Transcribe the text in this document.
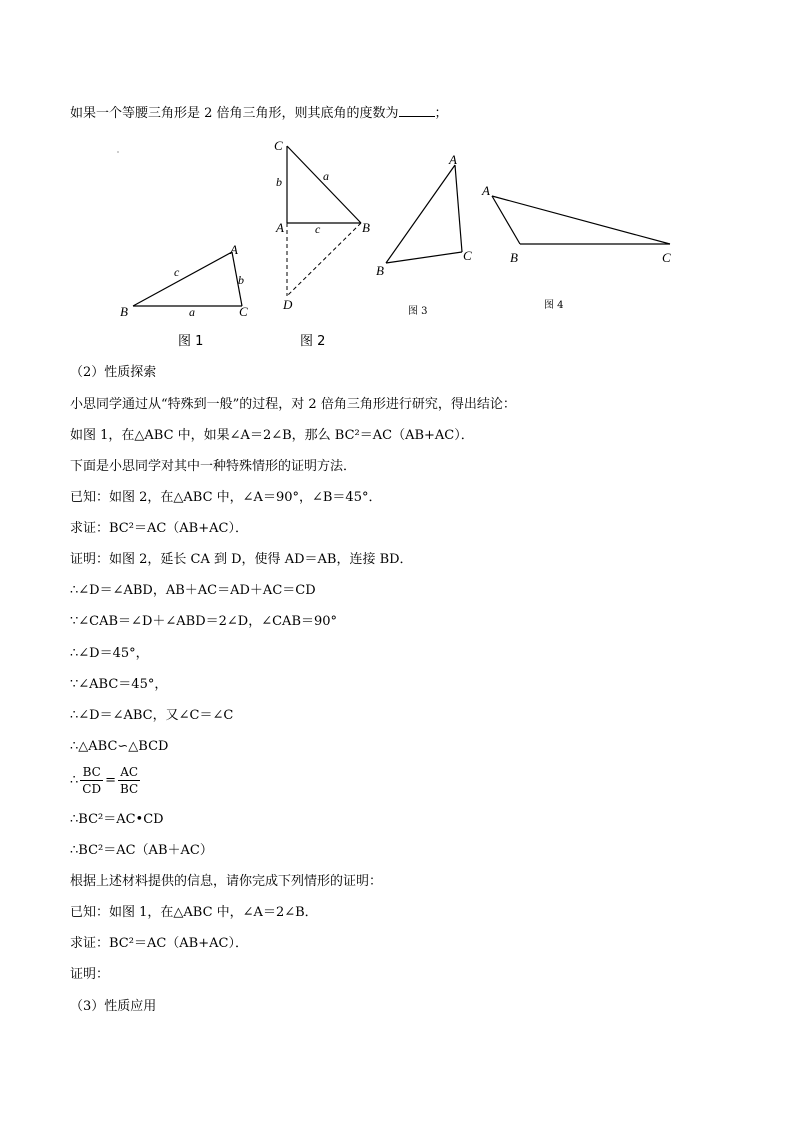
如果一个等腰三角形是 2 倍角三角形，则其底角的度数为	；
A
B	C
a
b
c
C
A	B
D
a
b
c
A
B
C
A
B	C
图 1	图 2
图 3
图 4
（2）性质探索
小思同学通过从“特殊到一般”的过程，对 2 倍角三角形进行研究，得出结论：
如图 1，在△ABC 中，如果∠A＝2∠B，那么 BC²＝AC（AB+AC）．
下面是小思同学对其中一种特殊情形的证明方法．
已知：如图 2，在△ABC 中，∠A＝90°，∠B＝45°．
求证：BC²＝AC（AB+AC）．
证明：如图 2，延长 CA 到 D，使得 AD＝AB，连接 BD．
∴∠D＝∠ABD，AB＋AC＝AD＋AC＝CD
∵∠CAB＝∠D＋∠ABD＝2∠D，∠CAB＝90°
∴∠D＝45°，
∵∠ABC＝45°，
∴∠D＝∠ABC，又∠C＝∠C
∴△ABC∽△BCD
∴ $\frac{BC}{CD} = \frac{AC}{BC}$
∴BC²＝AC•CD
∴BC²＝AC（AB＋AC）
根据上述材料提供的信息，请你完成下列情形的证明：
已知：如图 1，在△ABC 中，∠A＝2∠B．
求证：BC²＝AC（AB+AC）．
证明：
（3）性质应用
